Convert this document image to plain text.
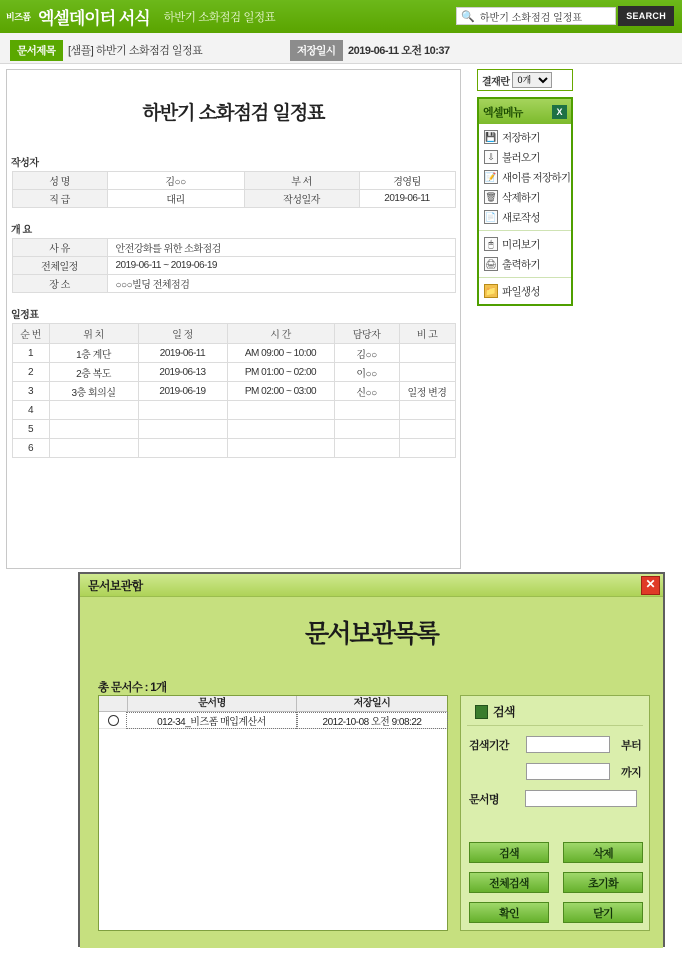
비즈폼 엑셀데이터 서식 하반기 소화점검 일정표	🔍
하반기 소화점검 일정표	SEARCH
문서제목	[샘플] 하반기 소화점검 일정표	저장일시	2019-06-11 오전 10:37
하반기 소화점검 일정표
작성자
성 명	김○○	부 서	경영팀
직 급	대리	작성일자	2019-06-11
개 요
사 유	안전강화를 위한 소화점검
전체일정	2019-06-11 ~ 2019-06-19
장 소	○○○빌딩 전체점검
일정표
순 번	위 치	일 정	시 간	담당자	비 고
1	1층 계단	2019-06-11	AM 09:00 ~ 10:00	김○○	
2	2층 복도	2019-06-13	PM 01:00 ~ 02:00	이○○	
3	3층 회의실	2019-06-19	PM 02:00 ~ 03:00	신○○	일정 변경
4					
5					
6					
결재란
0개
엑셀메뉴	X
💾 저장하기
⇩ 불러오기
📝 새이름 저장하기
🗑 삭제하기
📄 새로작성
🖱 미리보기
🖨 출력하기
📁 파일생성
문서보관함	✕
문서보관목록
총 문서수 : 1개
문서명	저장일시
012-34_비즈폼 매입계산서	2012-10-08 오전 9:08:22
검색
검색기간	부터
까지
문서명
검색	삭제
전체검색	초기화
확인	닫기
